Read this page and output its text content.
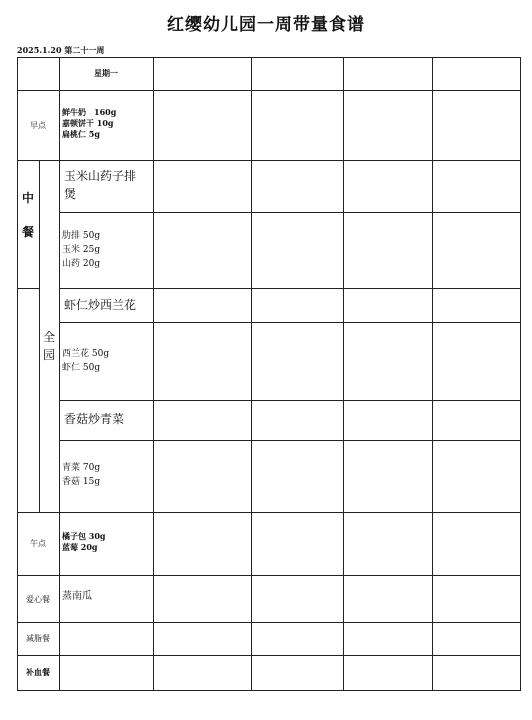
红缨幼儿园一周带量食谱
2025.1.20 第二十一周
星期一
早点
鲜牛奶　160g
嘉顿饼干 10g
扁桃仁 5g
中
餐
全
园
玉米山药子排
煲
肋排 50g
玉米 25g
山药 20g
虾仁炒西兰花
西兰花 50g
虾仁 50g
香菇炒青菜
青菜 70g
香菇 15g
午点
橘子包 30g
蓝莓 20g
爱心餐	蒸南瓜
减脂餐
补血餐
